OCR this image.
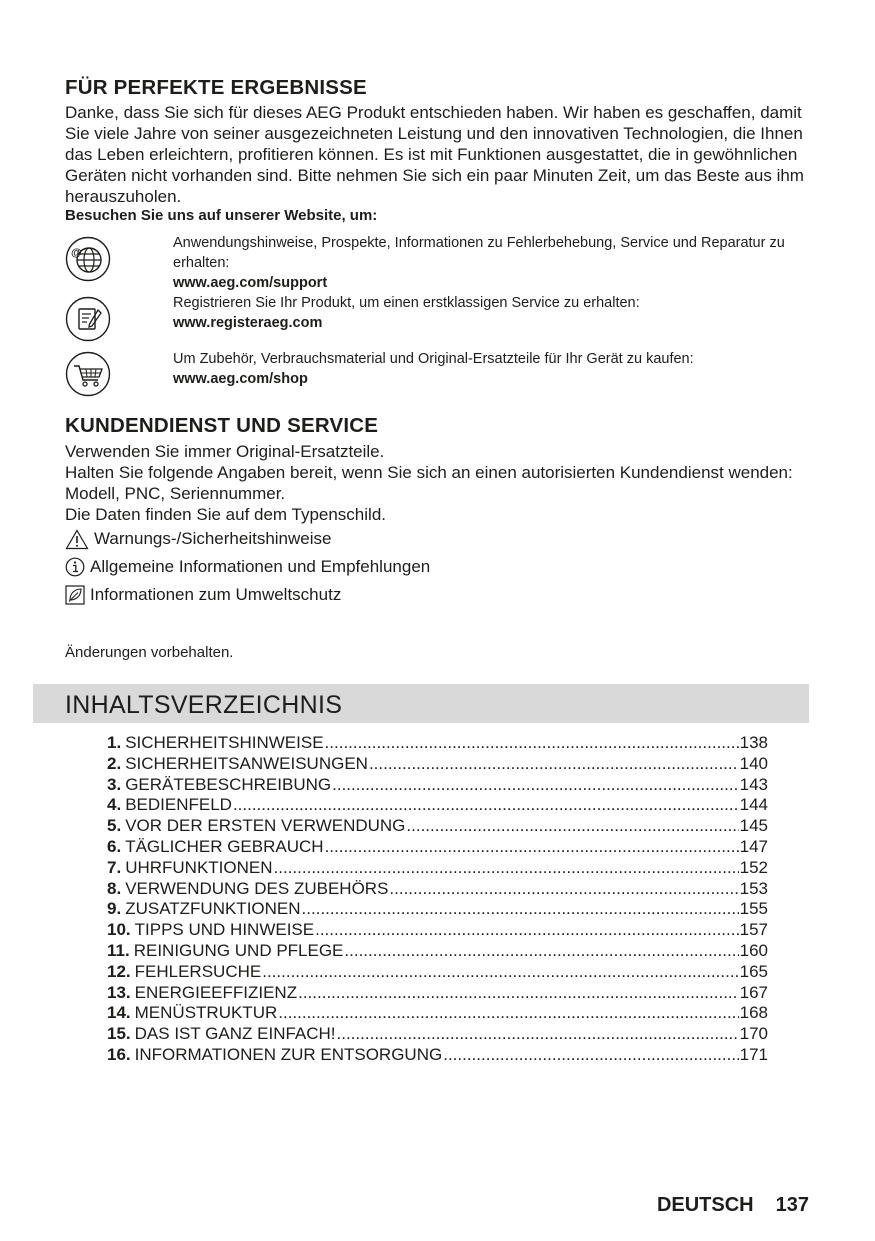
FÜR PERFEKTE ERGEBNISSE

Danke, dass Sie sich für dieses AEG Produkt entschieden haben. Wir haben es geschaffen, damit Sie viele Jahre von seiner ausgezeichneten Leistung und den innovativen Technologien, die Ihnen das Leben erleichtern, profitieren können. Es ist mit Funktionen ausgestattet, die in gewöhnlichen Geräten nicht vorhanden sind. Bitte nehmen Sie sich ein paar Minuten Zeit, um das Beste aus ihm herauszuholen.

Besuchen Sie uns auf unserer Website, um:
@
Anwendungshinweise, Prospekte, Informationen zu Fehlerbehebung, Service und Reparatur zu erhalten:
www.aeg.com/support
Registrieren Sie Ihr Produkt, um einen erstklassigen Service zu erhalten:
www.registeraeg.com
Um Zubehör, Verbrauchsmaterial und Original-Ersatzteile für Ihr Gerät zu kaufen:
www.aeg.com/shop
KUNDENDIENST UND SERVICE

Verwenden Sie immer Original-Ersatzteile.

Halten Sie folgende Angaben bereit, wenn Sie sich an einen autorisierten Kundendienst wenden: Modell, PNC, Seriennummer.

Die Daten finden Sie auf dem Typenschild.

Warnungs-/Sicherheitshinweise
Allgemeine Informationen und Empfehlungen
Informationen zum Umweltschutz
Änderungen vorbehalten.
INHALTSVERZEICHNIS
1. SICHERHEITSHINWEISE .....	138
2. SICHERHEITSANWEISUNGEN .....	140
3. GERÄTEBESCHREIBUNG .....	143
4. BEDIENFELD .....	144
5. VOR DER ERSTEN VERWENDUNG .....	145
6. TÄGLICHER GEBRAUCH .....	147
7. UHRFUNKTIONEN .....	152
8. VERWENDUNG DES ZUBEHÖRS .....	153
9. ZUSATZFUNKTIONEN .....	155
10. TIPPS UND HINWEISE .....	157
11. REINIGUNG UND PFLEGE .....	160
12. FEHLERSUCHE .....	165
13. ENERGIEEFFIZIENZ .....	167
14. MENÜSTRUKTUR .....	168
15. DAS IST GANZ EINFACH! .....	170
16. INFORMATIONEN ZUR ENTSORGUNG .....	171
DEUTSCH 137
